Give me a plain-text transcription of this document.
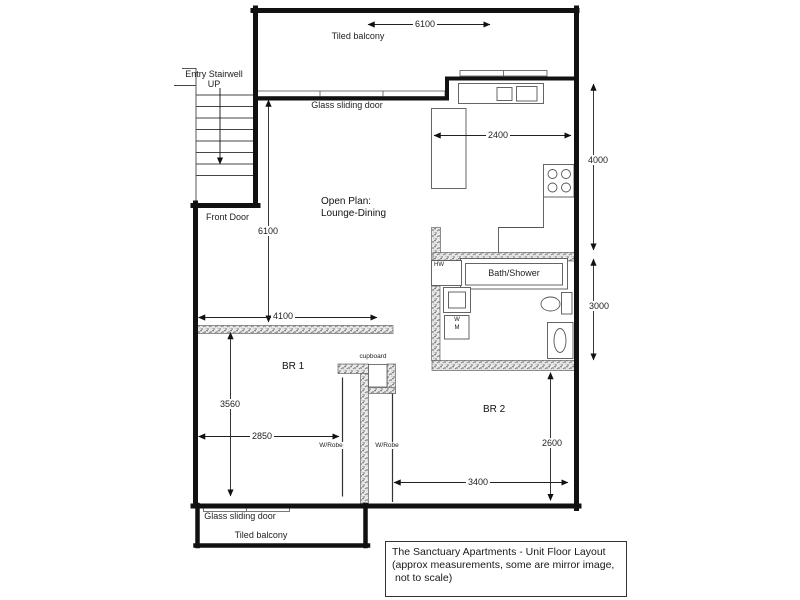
6100
Tiled balcony
Entry Stairwell
UP
Glass sliding door
2400
4000
3000
Front Door
6100
Open Plan:
Lounge-Dining
4100
HW
Bath/Shower
W
M
BR 1
3560
2850
cupboard
W/Robe	W/Robe
BR 2
2600
3400
Glass sliding door
Tiled balcony
The Sanctuary Apartments - Unit Floor Layout
(approx measurements, some are mirror image,
not to scale)
